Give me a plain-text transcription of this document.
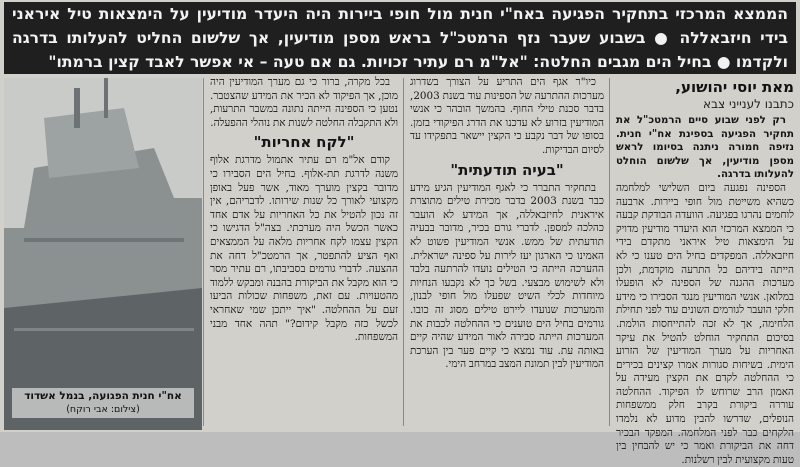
הממצא המרכזי בתחקיר הפגיעה באח"י חנית מול חופי ביירות היה היעדר מודיעין על הימצאות טיל איראני בידי חיזבאללה ● בשבוע שעבר נזף הרמטכ"ל בראש מספן מודיעין, אך שלשום החליט להעלותו בדרגה ולקדמו ● בחיל הים מגבים החלטה: "אל"מ רם עתיר זכויות. גם אם טעה – אי אפשר לאבד קצין ברמתו"
מאת יוסי יהושוע,
כתבנו לענייני צבא

רק לפני שבוע סיים הרמטכ"ל את תחקיר הפגיעה בספינת אח"י חנית. נזיפה חמורה ניתנה בסיומו לראש מספן מודיעין, אך שלשום הוחלט להעלותו בדרגה.

הספינה נפגעה ביום השלישי למלחמה כשהיא משייטת מול חופי ביירות. ארבעה לוחמים נהרגו בפגיעה. הוועדה הבודקת קבעה כי הממצא המרכזי הוא היעדר מודיעין מדויק על הימצאות טיל איראני מתקדם בידי חיזבאללה. המפקדים בחיל הים טענו כי לא הייתה בידיהם כל התרעה מוקדמת, ולכן מערכות ההגנה של הספינה לא הופעלו במלואן. אנשי המודיעין מנגד הסבירו כי מידע חלקי הועבר לגורמים השונים עוד לפני תחילת הלחימה, אך לא זכה להתייחסות הולמת. בסיכום התחקיר הוחלט להטיל את עיקר האחריות על מערך המודיעין של הזרוע הימית. בשיחות סגורות אמרו קצינים בכירים כי ההחלטה לקדם את הקצין מעידה על האמון הרב שרוחש לו הפיקוד. ההחלטה עוררה ביקורת בקרב חלק ממשפחות הנופלים, שדרשו להבין מדוע לא נלמדו הלקחים כבר לפני המלחמה. המפקד הבכיר דחה את הביקורת ואמר כי יש להבחין בין טעות מקצועית לבין רשלנות.

כיו"ר אגף הים התריע על הצורך בשדרוג מערכות ההתרעה של הספינות עוד בשנת 2003, בדבר סכנת טילי החוף. בהמשך הובהר כי אנשי המודיעין בזרוע לא עדכנו את הדרג הפיקודי בזמן. בסופו של דבר נקבע כי הקצין יישאר בתפקידו עד לסיום הבדיקות.

"בעיה תודעתית"

בתחקיר התברר כי לאגף המודיעין הגיע מידע כבר בשנת 2003 בדבר מכירת טילים מתוצרת איראנית לחיזבאללה, אך המידע לא הועבר כהלכה למספן. לדברי גורם בכיר, מדובר בבעיה תודעתית של ממש. אנשי המודיעין פשוט לא האמינו כי הארגון יעז לירות על ספינה ישראלית. ההערכה הייתה כי הטילים נועדו להרתעה בלבד ולא לשימוש מבצעי. בשל כך לא נקבעו הנחיות מיוחדות לכלי השיט שפעלו מול חופי לבנון, והמערכות שנועדו ליירט טילים מסוג זה כובו. גורמים בחיל הים טוענים כי ההחלטה לכבות את המערכות הייתה סבירה לאור המידע שהיה קיים באותה עת. עוד נמצא כי קיים פער בין הערכת המודיעין לבין תמונת המצב במרחב הימי.

בכל מקרה, ברור כי גם מערך המודיעין היה מוכן, אך הפיקוד לא הכיר את המידע שהצטבר. נטען כי הספינה הייתה נתונה במשבר התרעות, ולא התקבלה החלטה לשנות את נוהלי ההפעלה.

"לקח אחריות"

קודם אל"מ רם עתיר אתמול מדרגת אלוף משנה לדרגת תת-אלוף. בחיל הים הסבירו כי מדובר בקצין מוערך מאוד, אשר פעל באופן מקצועי לאורך כל שנות שירותו. לדבריהם, אין זה נכון להטיל את כל האחריות על אדם אחד כאשר הכשל היה מערכתי. בצה"ל הדגישו כי הקצין עצמו לקח אחריות מלאה על הממצאים ואף הציע להתפטר, אך הרמטכ"ל דחה את ההצעה. לדברי גורמים בסביבתו, רם עתיר מסר כי הוא מקבל את הביקורת בהבנה ומבקש ללמוד מהטעויות. עם זאת, משפחות שכולות הביעו זעם על ההחלטה. "איך ייתכן שמי שאחראי לכשל כזה מקבל קידום?" תהה אחד מבני המשפחות.

אח"י חנית הפגועה, בנמל אשדוד
(צילום: אבי רוקח)
